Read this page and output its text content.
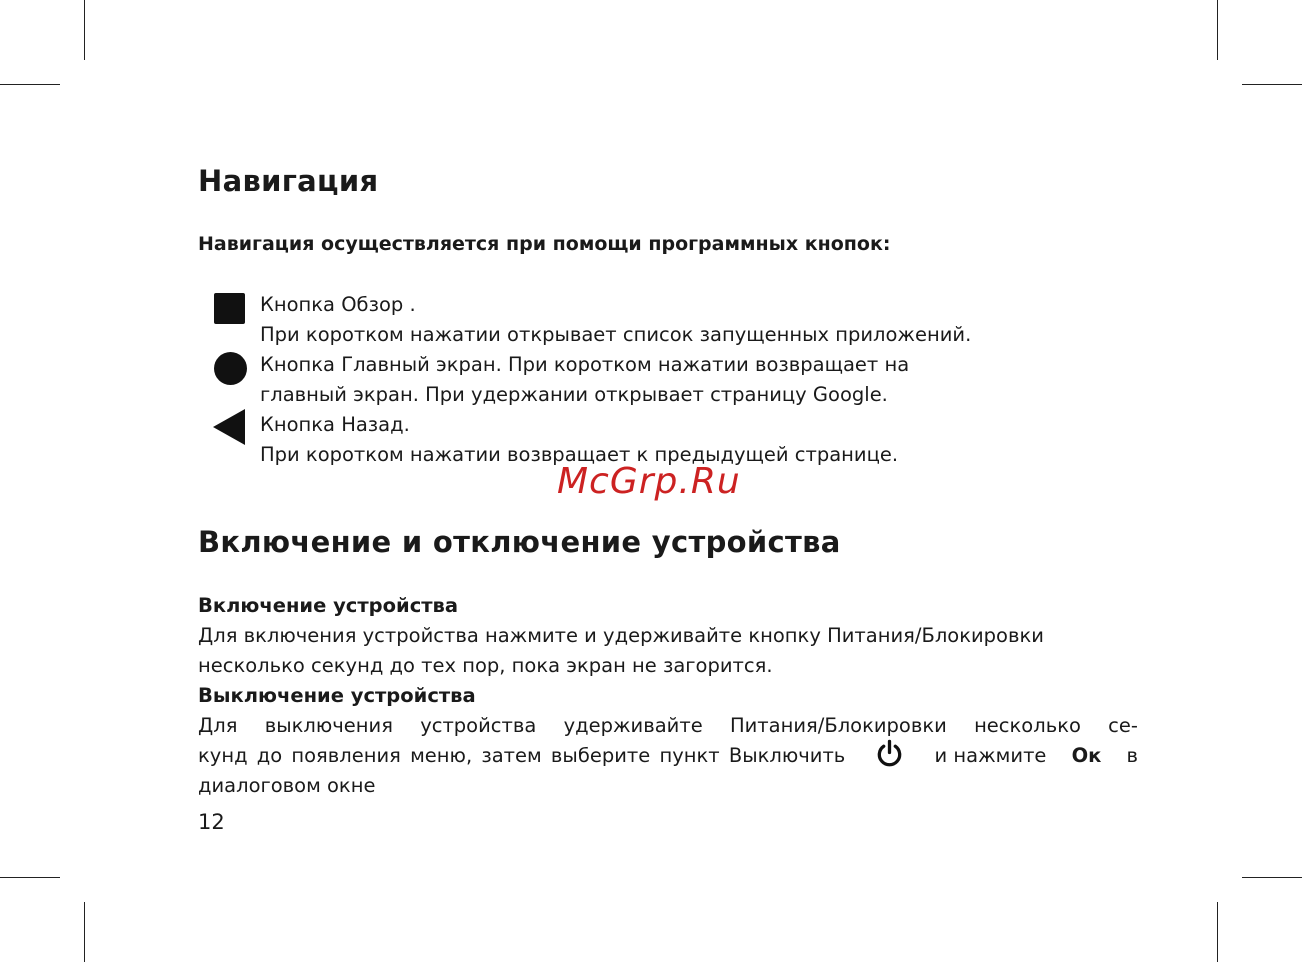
Навигация
Навигация осуществляется при помощи программных кнопок:
Кнопка Обзор .
При коротком нажатии открывает список запущенных приложений.
Кнопка Главный экран. При коротком нажатии возвращает на
главный экран. При удержании открывает страницу Google.
Кнопка Назад.
При коротком нажатии возвращает к предыдущей странице.
McGrp.Ru
Включение и отключение устройства
Включение устройства
Для включения устройства нажмите и удерживайте кнопку Питания/Блокировки
несколько секунд до тех пор, пока экран не загорится.
Выключение устройства
Для выключения устройства удерживайте Питания/Блокировки несколько се-
кунд до появления меню, затем выберите пункт Выключить	и нажмите Ок в
диалоговом окне
12
